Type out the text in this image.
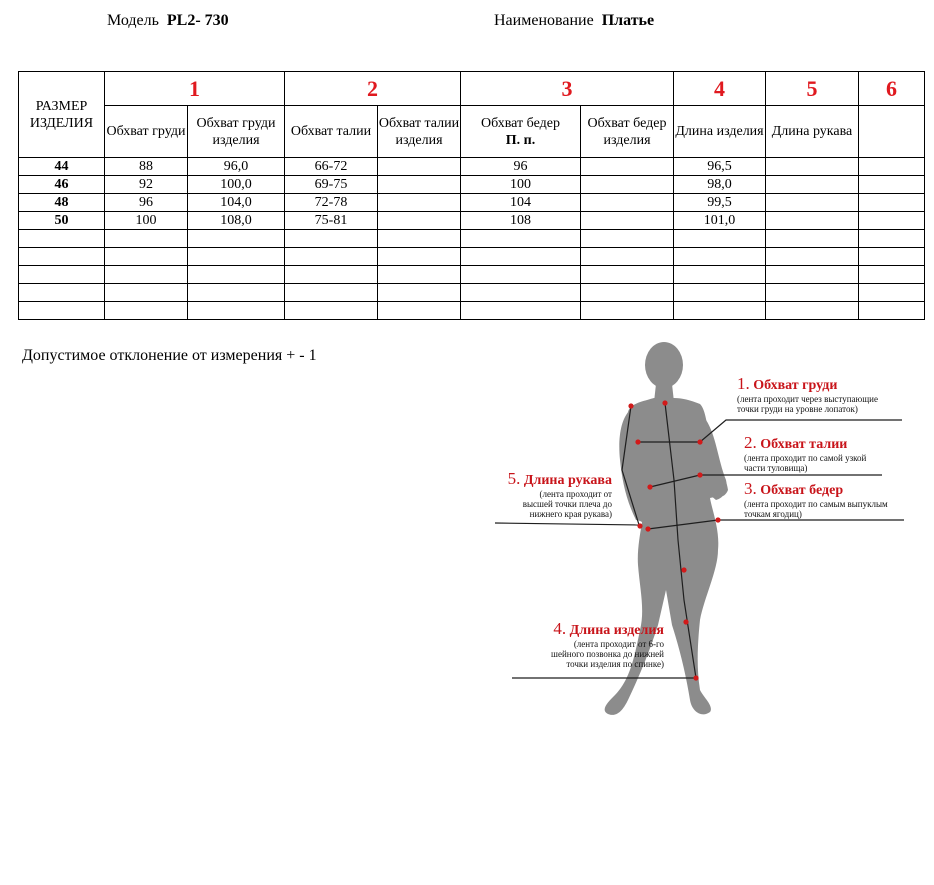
Модель PL2- 730	Наименование Платье
РАЗМЕР ИЗДЕЛИЯ	1		2		3		4	5	6
	Обхват груди	Обхват груди изделия	Обхват талии	Обхват талии изделия	Обхват бедер
П. п.	Обхват бедер изделия	Длина изделия	Длина рукава	
44	88	96,0	66-72		96		96,5		
46	92	100,0	69-75		100		98,0		
48	96	104,0	72-78		104		99,5		
50	100	108,0	75-81		108		101,0		

Допустимое отклонение от измерения + - 1
1. Обхват груди
(лента проходит через выступающие
точки груди на уровне лопаток)
2. Обхват талии
(лента проходит по самой узкой
части туловища)
3. Обхват бедер
(лента проходит по самым выпуклым
точкам ягодиц)
5. Длина рукава
(лента проходит от
высшей точки плеча до
нижнего края рукава)
4. Длина изделия
(лента проходит от 6-го
шейного позвонка до нижней
точки изделия по спинке)
